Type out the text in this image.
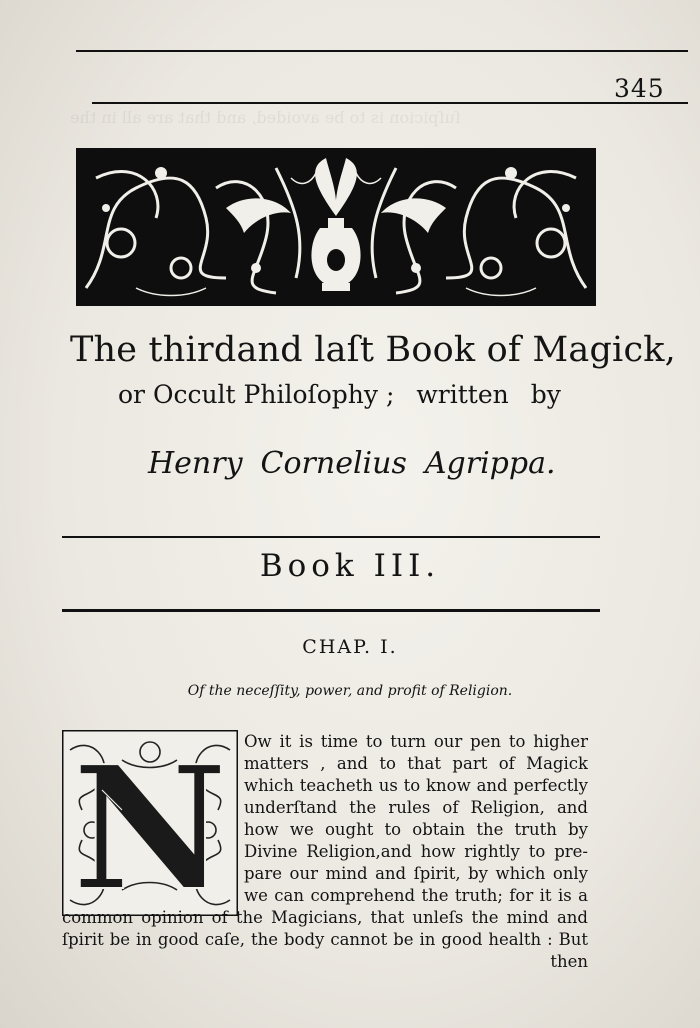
ſuſpicion is to be avoided, and that are all in the
345
The thirdand laſt Book of Magick,
or Occult Philoſophy ; written by
Henry Cornelius Agrippa.
Book III.
CHAP. I.
Of the neceſſity, power, and profit of Religion.
N Ow it is time to turn our pen to higher
matters , and to that part of Magick
which teacheth us to know and perfectly
underſtand the rules of Religion, and
how we ought to obtain the truth by
Divine Religion,and how rightly to pre-
pare our mind and ſpirit, by which only
we can comprehend the truth; for it is a
common opinion of the Magicians, that unleſs the mind and
ſpirit be in good caſe, the body cannot be in good health : But
then
